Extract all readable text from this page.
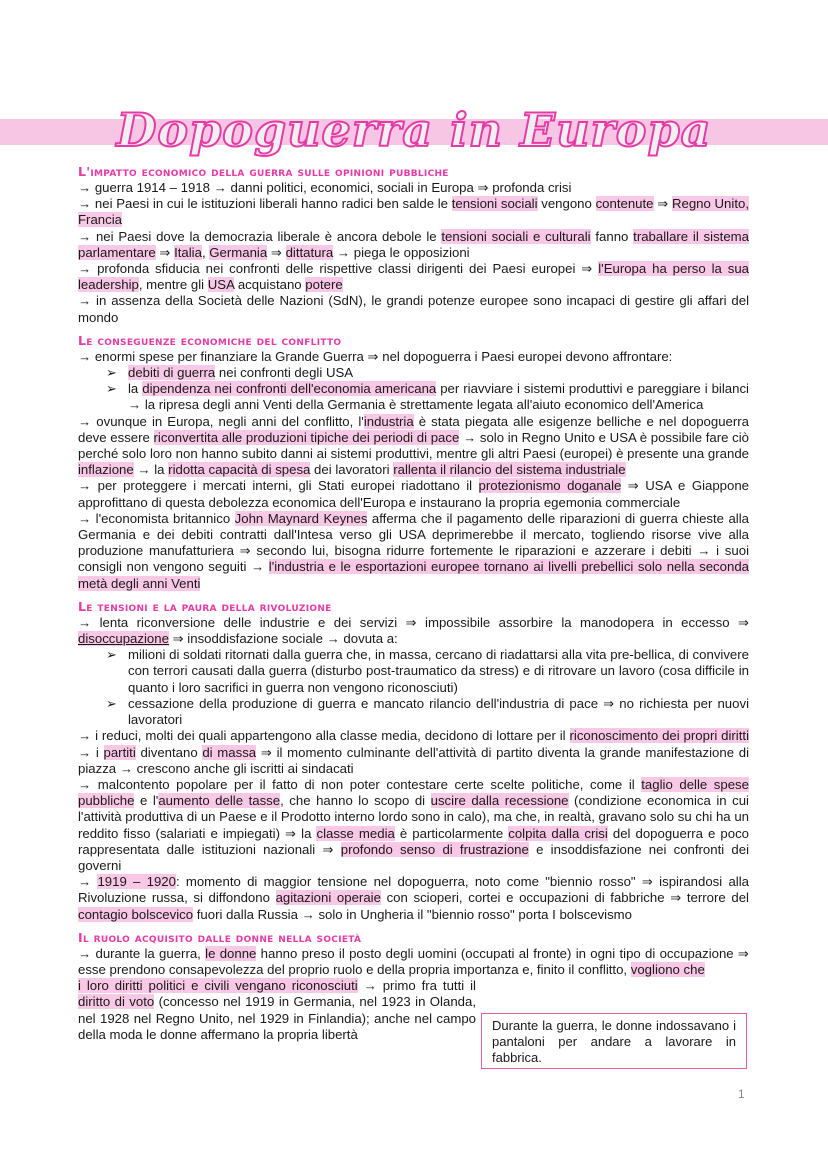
Dopoguerra in Europa
L'impatto economico della guerra sulle opinioni pubbliche
→ guerra 1914 – 1918 → danni politici, economici, sociali in Europa ⇒ profonda crisi
→ nei Paesi in cui le istituzioni liberali hanno radici ben salde le tensioni sociali vengono contenute ⇒ Regno Unito, Francia
→ nei Paesi dove la democrazia liberale è ancora debole le tensioni sociali e culturali fanno traballare il sistema parlamentare ⇒ Italia, Germania ⇒ dittatura → piega le opposizioni
→ profonda sfiducia nei confronti delle rispettive classi dirigenti dei Paesi europei ⇒ l'Europa ha perso la sua leadership, mentre gli USA acquistano potere
→ in assenza della Società delle Nazioni (SdN), le grandi potenze europee sono incapaci di gestire gli affari del mondo
Le conseguenze economiche del conflitto
→ enormi spese per finanziare la Grande Guerra ⇒ nel dopoguerra i Paesi europei devono affrontare:
➢ debiti di guerra nei confronti degli USA
➢ la dipendenza nei confronti dell'economia americana per riavviare i sistemi produttivi e pareggiare i bilanci → la ripresa degli anni Venti della Germania è strettamente legata all'aiuto economico dell'America
→ ovunque in Europa, negli anni del conflitto, l'industria è stata piegata alle esigenze belliche e nel dopoguerra deve essere riconvertita alle produzioni tipiche dei periodi di pace → solo in Regno Unito e USA è possibile fare ciò perché solo loro non hanno subito danni ai sistemi produttivi, mentre gli altri Paesi (europei) è presente una grande inflazione → la ridotta capacità di spesa dei lavoratori rallenta il rilancio del sistema industriale
→ per proteggere i mercati interni, gli Stati europei riadottano il protezionismo doganale ⇒ USA e Giappone approfittano di questa debolezza economica dell'Europa e instaurano la propria egemonia commerciale
→ l'economista britannico John Maynard Keynes afferma che il pagamento delle riparazioni di guerra chieste alla Germania e dei debiti contratti dall'Intesa verso gli USA deprimerebbe il mercato, togliendo risorse vive alla produzione manufatturiera ⇒ secondo lui, bisogna ridurre fortemente le riparazioni e azzerare i debiti → i suoi consigli non vengono seguiti → l'industria e le esportazioni europee tornano ai livelli prebellici solo nella seconda metà degli anni Venti
Le tensioni e la paura della rivoluzione
→ lenta riconversione delle industrie e dei servizi ⇒ impossibile assorbire la manodopera in eccesso ⇒ disoccupazione ⇒ insoddisfazione sociale → dovuta a:
➢ milioni di soldati ritornati dalla guerra che, in massa, cercano di riadattarsi alla vita pre-bellica, di convivere con terrori causati dalla guerra (disturbo post-traumatico da stress) e di ritrovare un lavoro (cosa difficile in quanto i loro sacrifici in guerra non vengono riconosciuti)
➢ cessazione della produzione di guerra e mancato rilancio dell'industria di pace ⇒ no richiesta per nuovi lavoratori
→ i reduci, molti dei quali appartengono alla classe media, decidono di lottare per il riconoscimento dei propri diritti → i partiti diventano di massa ⇒ il momento culminante dell'attività di partito diventa la grande manifestazione di piazza → crescono anche gli iscritti ai sindacati
→ malcontento popolare per il fatto di non poter contestare certe scelte politiche, come il taglio delle spese pubbliche e l'aumento delle tasse, che hanno lo scopo di uscire dalla recessione (condizione economica in cui l'attività produttiva di un Paese e il Prodotto interno lordo sono in calo), ma che, in realtà, gravano solo su chi ha un reddito fisso (salariati e impiegati) ⇒ la classe media è particolarmente colpita dalla crisi del dopoguerra e poco rappresentata dalle istituzioni nazionali ⇒ profondo senso di frustrazione e insoddisfazione nei confronti dei governi
→ 1919 – 1920: momento di maggior tensione nel dopoguerra, noto come "biennio rosso" ⇒ ispirandosi alla Rivoluzione russa, si diffondono agitazioni operaie con scioperi, cortei e occupazioni di fabbriche ⇒ terrore del contagio bolscevico fuori dalla Russia → solo in Ungheria il "biennio rosso" porta I bolscevismo
Il ruolo acquisito dalle donne nella società
→ durante la guerra, le donne hanno preso il posto degli uomini (occupati al fronte) in ogni tipo di occupazione ⇒ esse prendono consapevolezza del proprio ruolo e della propria importanza e, finito il conflitto, vogliono che
i loro diritti politici e civili vengano riconosciuti → primo fra tutti il diritto di voto (concesso nel 1919 in Germania, nel 1923 in Olanda, nel 1928 nel Regno Unito, nel 1929 in Finlandia); anche nel campo della moda le donne affermano la propria libertà
Durante la guerra, le donne indossavano i pantaloni per andare a lavorare in fabbrica.
1
